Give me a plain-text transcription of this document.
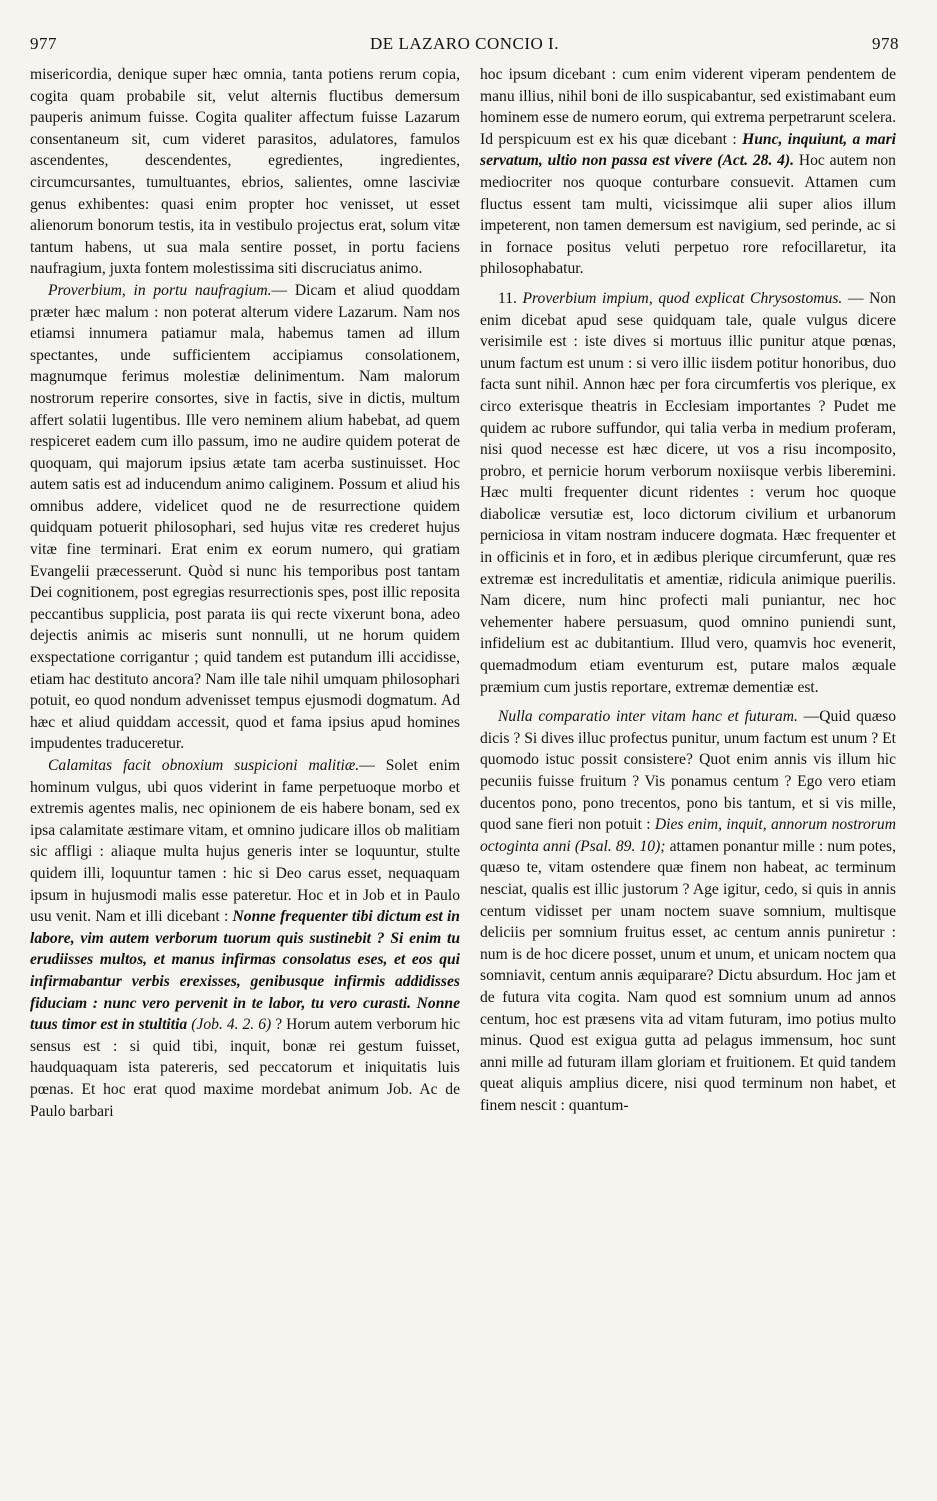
977	DE LAZARO CONCIO I.	978

misericordia, denique super hæc omnia, tanta potiens rerum copia, cogita quam probabile sit, velut alternis fluctibus demersum pauperis animum fuisse. Cogita qualiter affectum fuisse Lazarum consentaneum sit, cum videret parasitos, adulatores, famulos ascendentes, descendentes, egredientes, ingredientes, circumcursantes, tumultuantes, ebrios, salientes, omne lasciviæ genus exhibentes: quasi enim propter hoc venisset, ut esset alienorum bonorum testis, ita in vestibulo projectus erat, solum vitæ tantum habens, ut sua mala sentire posset, in portu faciens naufragium, juxta fontem molestissima siti discruciatus animo.

Proverbium, in portu naufragium.— Dicam et aliud quoddam præter hæc malum : non poterat alterum videre Lazarum. Nam nos etiamsi innumera patiamur mala, habemus tamen ad illum spectantes, unde sufficientem accipiamus consolationem, magnumque ferimus molestiæ delinimentum. Nam malorum nostrorum reperire consortes, sive in factis, sive in dictis, multum affert solatii lugentibus. Ille vero neminem alium habebat, ad quem respiceret eadem cum illo passum, imo ne audire quidem poterat de quoquam, qui majorum ipsius ætate tam acerba sustinuisset. Hoc autem satis est ad inducendum animo caliginem. Possum et aliud his omnibus addere, videlicet quod ne de resurrectione quidem quidquam potuerit philosophari, sed hujus vitæ res crederet hujus vitæ fine terminari. Erat enim ex eorum numero, qui gratiam Evangelii præcesserunt. Quòd si nunc his temporibus post tantam Dei cognitionem, post egregias resurrectionis spes, post illic reposita peccantibus supplicia, post parata iis qui recte vixerunt bona, adeo dejectis animis ac miseris sunt nonnulli, ut ne horum quidem exspectatione corrigantur ; quid tandem est putandum illi accidisse, etiam hac destituto ancora? Nam ille tale nihil umquam philosophari potuit, eo quod nondum advenisset tempus ejusmodi dogmatum. Ad hæc et aliud quiddam accessit, quod et fama ipsius apud homines impudentes traduceretur.

Calamitas facit obnoxium suspicioni malitiæ.— Solet enim hominum vulgus, ubi quos viderint in fame perpetuoque morbo et extremis agentes malis, nec opinionem de eis habere bonam, sed ex ipsa calamitate æstimare vitam, et omnino judicare illos ob malitiam sic affligi : aliaque multa hujus generis inter se loquuntur, stulte quidem illi, loquuntur tamen : hic si Deo carus esset, nequaquam ipsum in hujusmodi malis esse pateretur. Hoc et in Job et in Paulo usu venit. Nam et illi dicebant : Nonne frequenter tibi dictum est in labore, vim autem verborum tuorum quis sustinebit ? Si enim tu erudiisses multos, et manus infirmas consolatus eses, et eos qui infirmabantur verbis erexisses, genibusque infirmis addidisses fiduciam : nunc vero pervenit in te labor, tu vero curasti. Nonne tuus timor est in stultitia (Job. 4. 2. 6) ? Horum autem verborum hic sensus est : si quid tibi, inquit, bonæ rei gestum fuisset, haudquaquam ista patereris, sed peccatorum et iniquitatis luis pœnas. Et hoc erat quod maxime mordebat animum Job. Ac de Paulo barbari

hoc ipsum dicebant : cum enim viderent viperam pendentem de manu illius, nihil boni de illo suspicabantur, sed existimabant eum hominem esse de numero eorum, qui extrema perpetrarunt scelera. Id perspicuum est ex his quæ dicebant : Hunc, inquiunt, a mari servatum, ultio non passa est vivere (Act. 28. 4). Hoc autem non mediocriter nos quoque conturbare consuevit. Attamen cum fluctus essent tam multi, vicissimque alii super alios illum impeterent, non tamen demersum est navigium, sed perinde, ac si in fornace positus veluti perpetuo rore refocillaretur, ita philosophabatur.

11. Proverbium impium, quod explicat Chrysostomus. — Non enim dicebat apud sese quidquam tale, quale vulgus dicere verisimile est : iste dives si mortuus illic punitur atque pœnas, unum factum est unum : si vero illic iisdem potitur honoribus, duo facta sunt nihil. Annon hæc per fora circumfertis vos plerique, ex circo exterisque theatris in Ecclesiam importantes ? Pudet me quidem ac rubore suffundor, qui talia verba in medium proferam, nisi quod necesse est hæc dicere, ut vos a risu incomposito, probro, et pernicie horum verborum noxiisque verbis liberemini. Hæc multi frequenter dicunt ridentes : verum hoc quoque diabolicæ versutiæ est, loco dictorum civilium et urbanorum perniciosa in vitam nostram inducere dogmata. Hæc frequenter et in officinis et in foro, et in ædibus plerique circumferunt, quæ res extremæ est incredulitatis et amentiæ, ridicula animique puerilis. Nam dicere, num hinc profecti mali puniantur, nec hoc vehementer habere persuasum, quod omnino puniendi sunt, infidelium est ac dubitantium. Illud vero, quamvis hoc evenerit, quemadmodum etiam eventurum est, putare malos æquale præmium cum justis reportare, extremæ dementiæ est.

Nulla comparatio inter vitam hanc et futuram. —Quid quæso dicis ? Si dives illuc profectus punitur, unum factum est unum ? Et quomodo istuc possit consistere? Quot enim annis vis illum hic pecuniis fuisse fruitum ? Vis ponamus centum ? Ego vero etiam ducentos pono, pono trecentos, pono bis tantum, et si vis mille, quod sane fieri non potuit : Dies enim, inquit, annorum nostrorum octoginta anni (Psal. 89. 10); attamen ponantur mille : num potes, quæso te, vitam ostendere quæ finem non habeat, ac terminum nesciat, qualis est illic justorum ? Age igitur, cedo, si quis in annis centum vidisset per unam noctem suave somnium, multisque deliciis per somnium fruitus esset, ac centum annis puniretur : num is de hoc dicere posset, unum et unum, et unicam noctem qua somniavit, centum annis æquiparare? Dictu absurdum. Hoc jam et de futura vita cogita. Nam quod est somnium unum ad annos centum, hoc est præsens vita ad vitam futuram, imo potius multo minus. Quod est exigua gutta ad pelagus immensum, hoc sunt anni mille ad futuram illam gloriam et fruitionem. Et quid tandem queat aliquis amplius dicere, nisi quod terminum non habet, et finem nescit : quantum-
